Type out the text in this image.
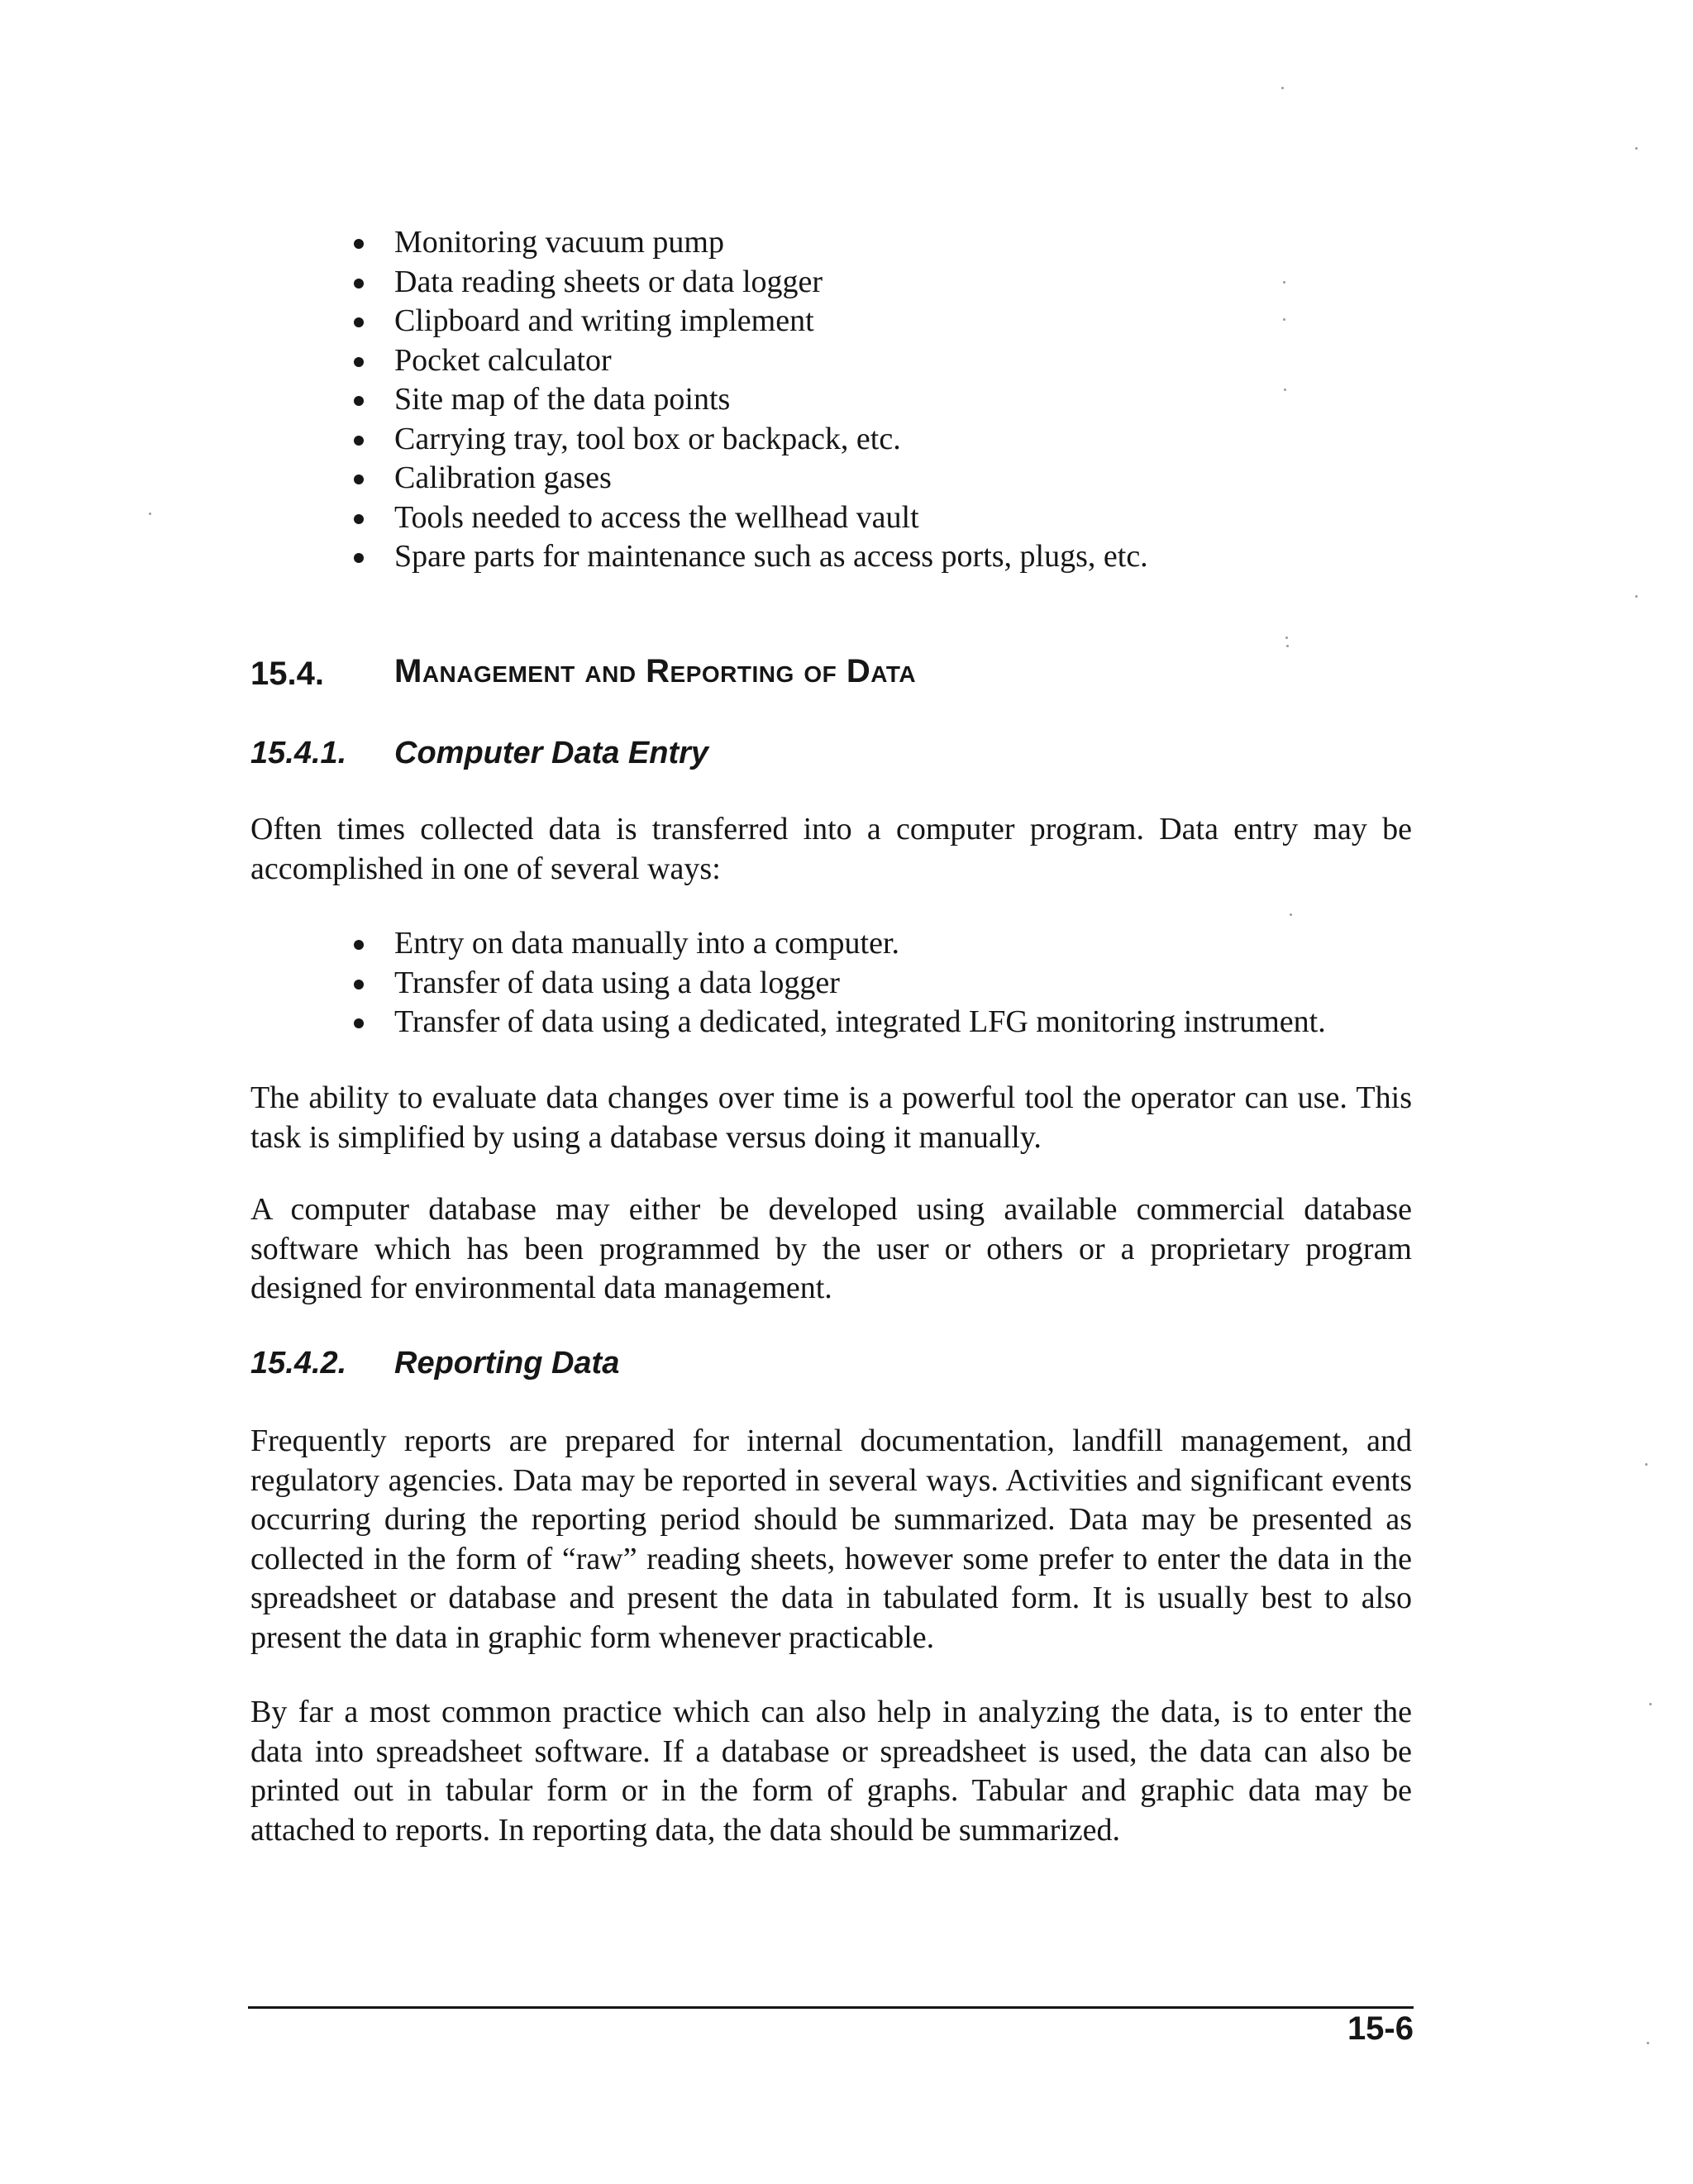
Monitoring vacuum pump
Data reading sheets or data logger
Clipboard and writing implement
Pocket calculator
Site map of the data points
Carrying tray, tool box or backpack, etc.
Calibration gases
Tools needed to access the wellhead vault
Spare parts for maintenance such as access ports, plugs, etc.
15.4. Management and Reporting of Data
15.4.1. Computer Data Entry

Often times collected data is transferred into a computer program. Data entry may be accomplished in one of several ways:

Entry on data manually into a computer.
Transfer of data using a data logger
Transfer of data using a dedicated, integrated LFG monitoring instrument.

The ability to evaluate data changes over time is a powerful tool the operator can use. This task is simplified by using a database versus doing it manually.

A computer database may either be developed using available commercial database software which has been programmed by the user or others or a proprietary program designed for environmental data management.

15.4.2. Reporting Data

Frequently reports are prepared for internal documentation, landfill management, and regulatory agencies. Data may be reported in several ways. Activities and significant events occurring during the reporting period should be summarized. Data may be presented as collected in the form of “raw” reading sheets, however some prefer to enter the data in the spreadsheet or database and present the data in tabulated form. It is usually best to also present the data in graphic form whenever practicable.

By far a most common practice which can also help in analyzing the data, is to enter the data into spreadsheet software. If a database or spreadsheet is used, the data can also be printed out in tabular form or in the form of graphs. Tabular and graphic data may be attached to reports. In reporting data, the data should be summarized.

15-6
